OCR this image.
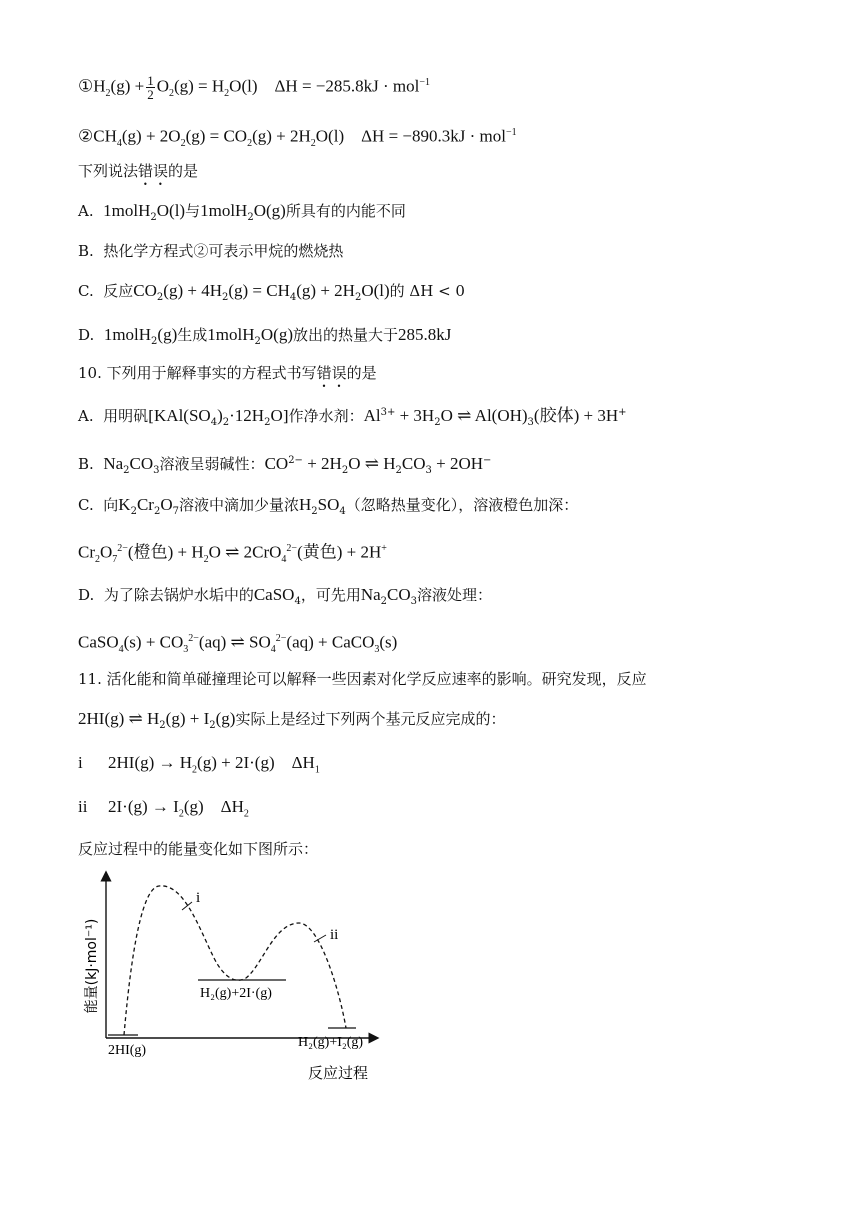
$①H_2(g) + \frac{1}{2} O_2(g) = H_2O(l) \Delta H = -285.8kJ \cdot mol^{-1}$
$②CH_4(g) + 2O_2(g) = CO_2(g) + 2H_2O(l) \Delta H = -890.3kJ \cdot mol^{-1}$
下列说法错误的是
A. 1molH$_2$O(l)与1molH$_2$O(g)所具有的内能不同
B. 热化学方程式②可表示甲烷的燃烧热
C. 反应$CO_2(g) + 4H_2(g) = CH_4(g) + 2H_2O(l)$的 ΔH < 0
D. 1molH$_2$(g)生成1molH$_2$O(g)放出的热量大于285.8kJ
10. 下列用于解释事实的方程式书写错误的是
A. 用明矾$[KAl(SO_4)_2\cdot 12H_2O]$作净水剂：$Al^{3+} + 3H_2O$ ⇌ $Al(OH)_3$(胶体) + 3H+
B. $Na_2CO_3$溶液呈弱碱性：$CO^{2-} + 2H_2O$ ⇌ $H_2CO_3 + 2OH^-$
C. 向$K_2Cr_2O_7$溶液中滴加少量浓$H_2SO_4$（忽略热量变化），溶液橙色加深：
$Cr_2O_7^{2-}$(橙色) + $H_2O$ ⇌ 2CrO$_4^{2-}$(黄色) + 2H+
D. 为了除去锅炉水垢中的CaSO$_4$，可先用$Na_2CO_3$溶液处理：
CaSO$_4$(s) + $CO_3^{2-}(aq)$ ⇌ $SO_4^{2-}(aq)$ + CaCO$_3$(s)
11. 活化能和简单碰撞理论可以解释一些因素对化学反应速率的影响。研究发现，反应
2HI(g) ⇌ $H_2(g) + I_2(g)$实际上是经过下列两个基元反应完成的：
i $2HI(g) \to H_2(g) + 2I\cdot(g)$ $\Delta H_1$
ii $2I\cdot(g) \to I_2(g)$ $\Delta H_2$
反应过程中的能量变化如下图所示：
能量(kJ·mol⁻¹)
反应过程
i
ii
2HI(g)
H₂(g)+2I·(g)
H₂(g)+I₂(g)
